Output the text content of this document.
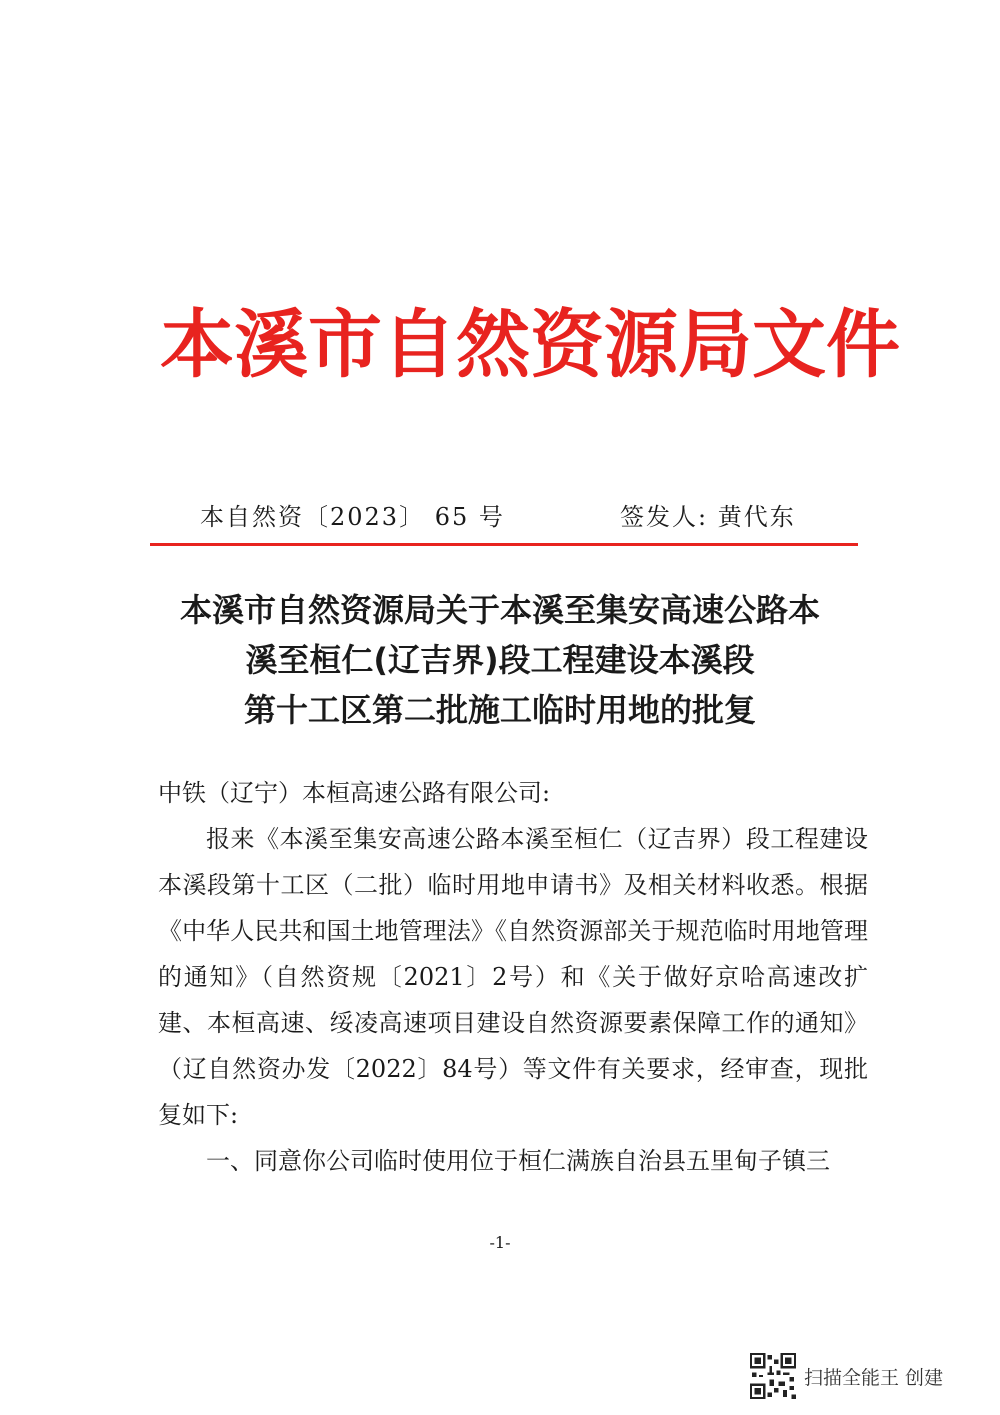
本溪市自然资源局文件
本自然资〔2023〕 65 号	签发人: 黄代东
本溪市自然资源局关于本溪至集安高速公路本
溪至桓仁(辽吉界)段工程建设本溪段
第十工区第二批施工临时用地的批复

中铁（辽宁）本桓高速公路有限公司:

报来《本溪至集安高速公路本溪至桓仁（辽吉界）段工程建设本溪段第十工区（二批）临时用地申请书》及相关材料收悉。根据《中华人民共和国土地管理法》《自然资源部关于规范临时用地管理的通知》（自然资规〔2021〕2号）和《关于做好京哈高速改扩建、本桓高速、绥凌高速项目建设自然资源要素保障工作的通知》（辽自然资办发〔2022〕84号）等文件有关要求，经审查，现批复如下:

一、同意你公司临时使用位于桓仁满族自治县五里甸子镇三

-1-
扫描全能王 创建
